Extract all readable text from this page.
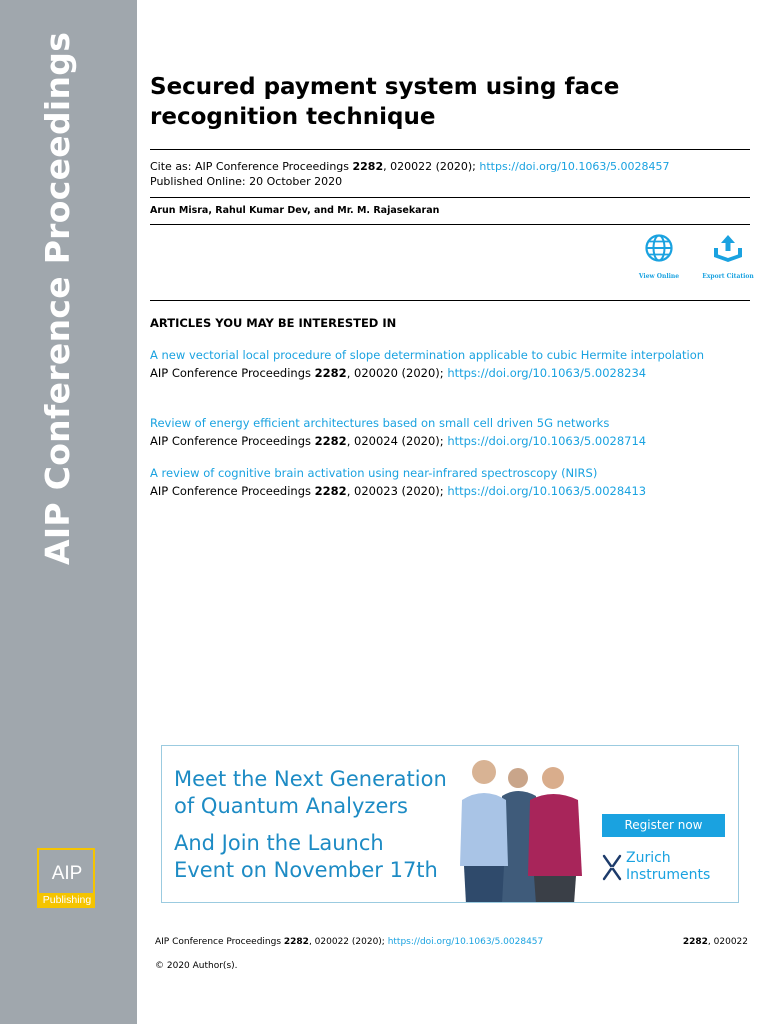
AIP Conference Proceedings
AIP
Publishing
Secured payment system using face
recognition technique
Cite as: AIP Conference Proceedings 2282, 020022 (2020); https://doi.org/10.1063/5.0028457
Published Online: 20 October 2020
Arun Misra, Rahul Kumar Dev, and Mr. M. Rajasekaran
View Online	Export Citation
ARTICLES YOU MAY BE INTERESTED IN
A new vectorial local procedure of slope determination applicable to cubic Hermite interpolation
AIP Conference Proceedings 2282, 020020 (2020); https://doi.org/10.1063/5.0028234
Review of energy efficient architectures based on small cell driven 5G networks
AIP Conference Proceedings 2282, 020024 (2020); https://doi.org/10.1063/5.0028714
A review of cognitive brain activation using near-infrared spectroscopy (NIRS)
AIP Conference Proceedings 2282, 020023 (2020); https://doi.org/10.1063/5.0028413
Meet the Next Generation
of Quantum Analyzers
And Join the Launch
Event on November 17th
Register now
Zurich
Instruments
AIP Conference Proceedings 2282, 020022 (2020); https://doi.org/10.1063/5.0028457	2282, 020022
© 2020 Author(s).
